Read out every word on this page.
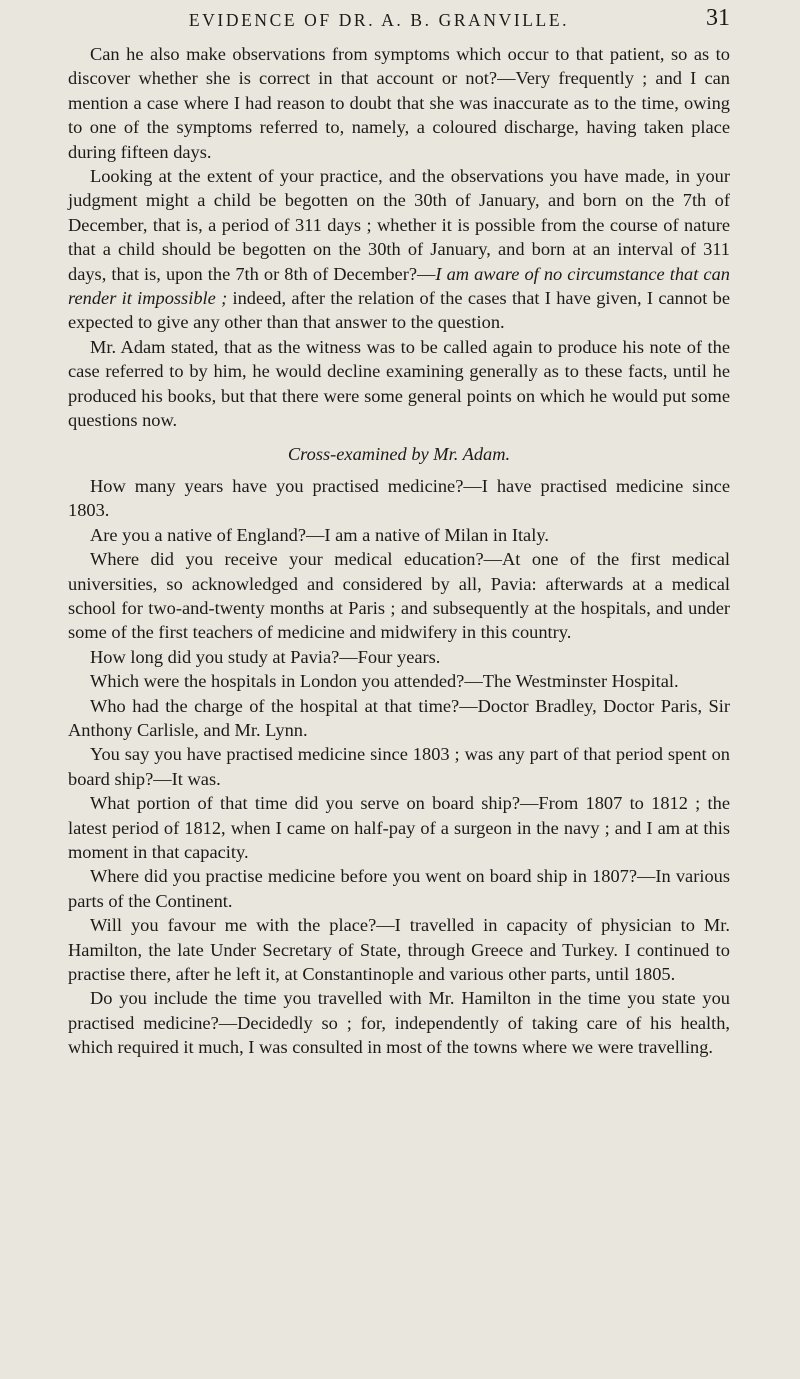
EVIDENCE OF DR. A. B. GRANVILLE.	31

Can he also make observations from symptoms which occur to that patient, so as to discover whether she is correct in that account or not?—Very frequently ; and I can mention a case where I had reason to doubt that she was inaccurate as to the time, owing to one of the symptoms referred to, namely, a coloured discharge, having taken place during fifteen days.

Looking at the extent of your practice, and the observations you have made, in your judgment might a child be begotten on the 30th of January, and born on the 7th of December, that is, a period of 311 days ; whether it is possible from the course of nature that a child should be begotten on the 30th of January, and born at an interval of 311 days, that is, upon the 7th or 8th of December?—I am aware of no circumstance that can render it impossible ; indeed, after the relation of the cases that I have given, I cannot be expected to give any other than that answer to the question.

Mr. Adam stated, that as the witness was to be called again to produce his note of the case referred to by him, he would decline examining generally as to these facts, until he produced his books, but that there were some general points on which he would put some questions now.

Cross-examined by Mr. Adam.

How many years have you practised medicine?—I have practised medicine since 1803.

Are you a native of England?—I am a native of Milan in Italy.

Where did you receive your medical education?—At one of the first medical universities, so acknowledged and considered by all, Pavia: afterwards at a medical school for two-and-twenty months at Paris ; and subsequently at the hospitals, and under some of the first teachers of medicine and midwifery in this country.

How long did you study at Pavia?—Four years.

Which were the hospitals in London you attended?—The Westminster Hospital.

Who had the charge of the hospital at that time?—Doctor Bradley, Doctor Paris, Sir Anthony Carlisle, and Mr. Lynn.

You say you have practised medicine since 1803 ; was any part of that period spent on board ship?—It was.

What portion of that time did you serve on board ship?—From 1807 to 1812 ; the latest period of 1812, when I came on half-pay of a surgeon in the navy ; and I am at this moment in that capacity.

Where did you practise medicine before you went on board ship in 1807?—In various parts of the Continent.

Will you favour me with the place?—I travelled in capacity of physician to Mr. Hamilton, the late Under Secretary of State, through Greece and Turkey. I continued to practise there, after he left it, at Constantinople and various other parts, until 1805.

Do you include the time you travelled with Mr. Hamilton in the time you state you practised medicine?—Decidedly so ; for, independently of taking care of his health, which required it much, I was consulted in most of the towns where we were travelling.
